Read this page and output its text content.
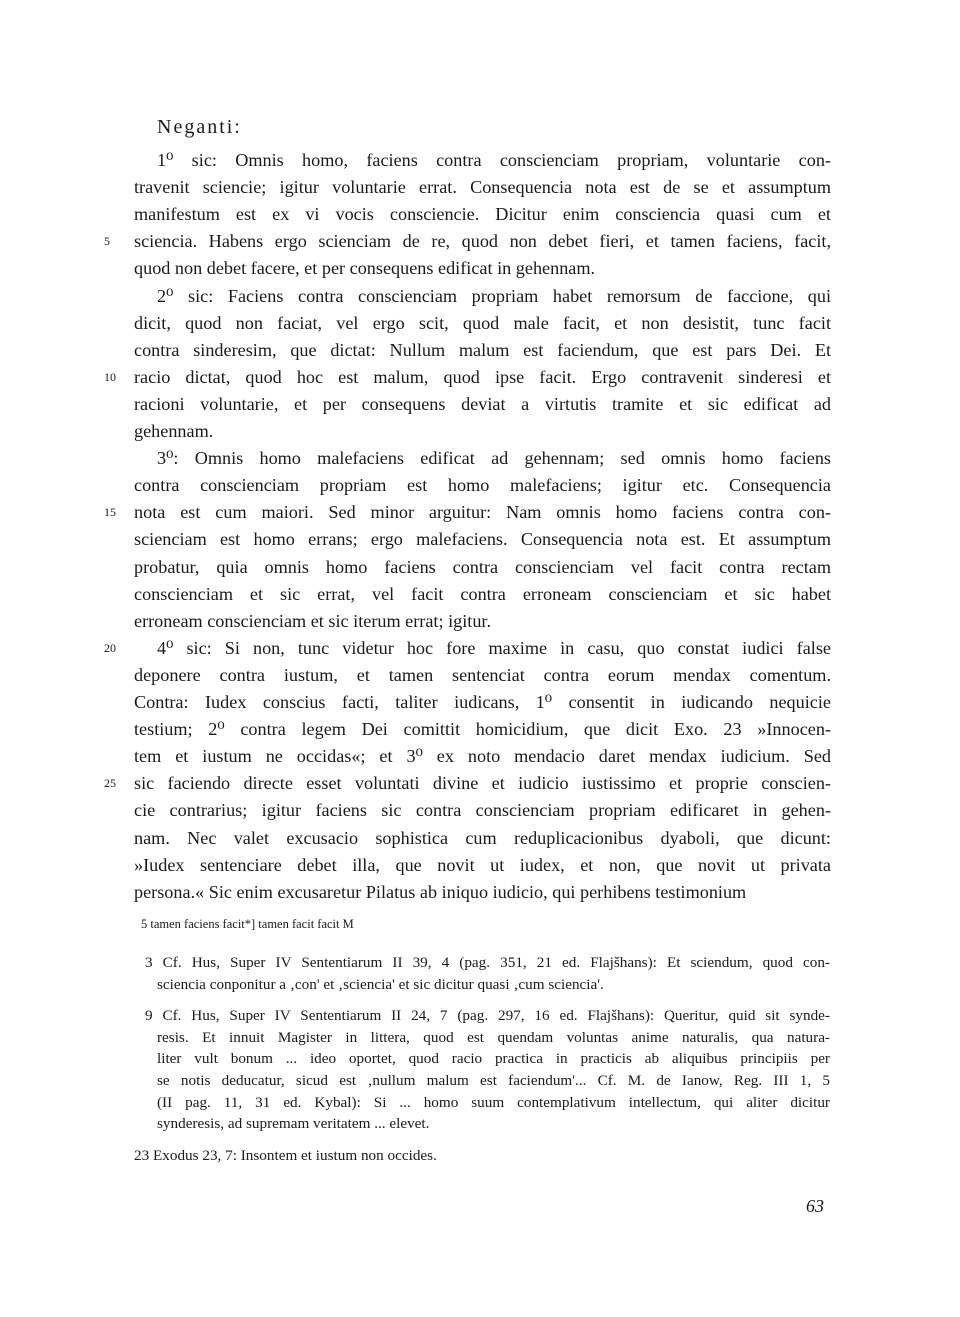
Neganti:
1⁰ sic: Omnis homo, faciens contra conscienciam propriam, voluntarie con-
travenit sciencie; igitur voluntarie errat. Consequencia nota est de se et assumptum
manifestum est ex vi vocis consciencie. Dicitur enim consciencia quasi cum et
sciencia. Habens ergo scienciam de re, quod non debet fieri, et tamen faciens, facit,
5
quod non debet facere, et per consequens edificat in gehennam.
2⁰ sic: Faciens contra conscienciam propriam habet remorsum de faccione, qui
dicit, quod non faciat, vel ergo scit, quod male facit, et non desistit, tunc facit
contra sinderesim, que dictat: Nullum malum est faciendum, que est pars Dei. Et
racio dictat, quod hoc est malum, quod ipse facit. Ergo contravenit sinderesi et
10
racioni voluntarie, et per consequens deviat a virtutis tramite et sic edificat ad
gehennam.
3⁰: Omnis homo malefaciens edificat ad gehennam; sed omnis homo faciens
contra conscienciam propriam est homo malefaciens; igitur etc. Consequencia
nota est cum maiori. Sed minor arguitur: Nam omnis homo faciens contra con-
15
scienciam est homo errans; ergo malefaciens. Consequencia nota est. Et assumptum
probatur, quia omnis homo faciens contra conscienciam vel facit contra rectam
conscienciam et sic errat, vel facit contra erroneam conscienciam et sic habet
erroneam conscienciam et sic iterum errat; igitur.
4⁰ sic: Si non, tunc videtur hoc fore maxime in casu, quo constat iudici false
20
deponere contra iustum, et tamen sentenciat contra eorum mendax comentum.
Contra: Iudex conscius facti, taliter iudicans, 1⁰ consentit in iudicando nequicie
testium; 2⁰ contra legem Dei comittit homicidium, que dicit Exo. 23 »Innocen-
tem et iustum ne occidas«; et 3⁰ ex noto mendacio daret mendax iudicium. Sed
sic faciendo directe esset voluntati divine et iudicio iustissimo et proprie conscien-
25
cie contrarius; igitur faciens sic contra conscienciam propriam edificaret in gehen-
nam. Nec valet excusacio sophistica cum reduplicacionibus dyaboli, que dicunt:
»Iudex sentenciare debet illa, que novit ut iudex, et non, que novit ut privata
persona.« Sic enim excusaretur Pilatus ab iniquo iudicio, qui perhibens testimonium
5 tamen faciens facit*] tamen facit facit M
3 Cf. Hus, Super IV Sententiarum II 39, 4 (pag. 351, 21 ed. Flajšhans): Et sciendum, quod con-
sciencia conponitur a ‚con' et ‚sciencia' et sic dicitur quasi ‚cum sciencia'.
9 Cf. Hus, Super IV Sententiarum II 24, 7 (pag. 297, 16 ed. Flajšhans): Queritur, quid sit synde-
resis. Et innuit Magister in littera, quod est quendam voluntas anime naturalis, qua natura-
liter vult bonum ... ideo oportet, quod racio practica in practicis ab aliquibus principiis per
se notis deducatur, sicud est ‚nullum malum est faciendum'... Cf. M. de Ianow, Reg. III 1, 5
(II pag. 11, 31 ed. Kybal): Si ... homo suum contemplativum intellectum, qui aliter dicitur
synderesis, ad supremam veritatem ... elevet.
23 Exodus 23, 7: Insontem et iustum non occides.
63
